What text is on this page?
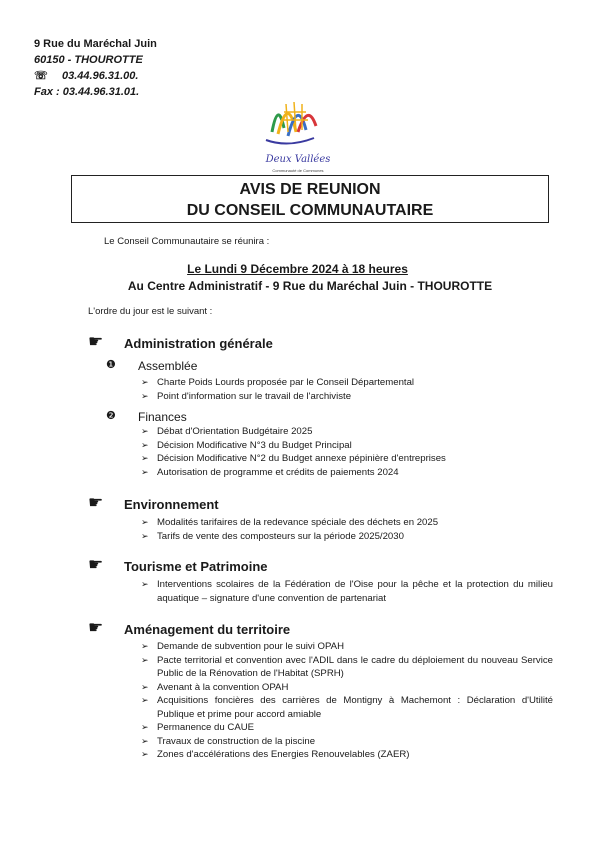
9 Rue du Maréchal Juin
60150 - THOUROTTE
☏ 03.44.96.31.00.
Fax : 03.44.96.31.01.
Deux Vallées
Communauté de Communes
AVIS DE REUNION
DU CONSEIL COMMUNAUTAIRE
Le Conseil Communautaire se réunira :
Le Lundi 9 Décembre 2024 à 18 heures
Au Centre Administratif - 9 Rue du Maréchal Juin - THOUROTTE
L'ordre du jour est le suivant :
☛ Administration générale
❶ Assemblée
➢ Charte Poids Lourds proposée par le Conseil Départemental
➢ Point d'information sur le travail de l'archiviste
❷ Finances
➢ Débat d'Orientation Budgétaire 2025
➢ Décision Modificative N°3 du Budget Principal
➢ Décision Modificative N°2 du Budget annexe pépinière d'entreprises
➢ Autorisation de programme et crédits de paiements 2024
☛ Environnement
➢ Modalités tarifaires de la redevance spéciale des déchets en 2025
➢ Tarifs de vente des composteurs sur la période 2025/2030
☛ Tourisme et Patrimoine
➢ Interventions scolaires de la Fédération de l'Oise pour la pêche et la protection du milieu aquatique – signature d'une convention de partenariat
☛ Aménagement du territoire
➢ Demande de subvention pour le suivi OPAH
➢ Pacte territorial et convention avec l'ADIL dans le cadre du déploiement du nouveau Service Public de la Rénovation de l'Habitat (SPRH)
➢ Avenant à la convention OPAH
➢ Acquisitions foncières des carrières de Montigny à Machemont : Déclaration d'Utilité Publique et prime pour accord amiable
➢ Permanence du CAUE
➢ Travaux de construction de la piscine
➢ Zones d'accélérations des Energies Renouvelables (ZAER)
